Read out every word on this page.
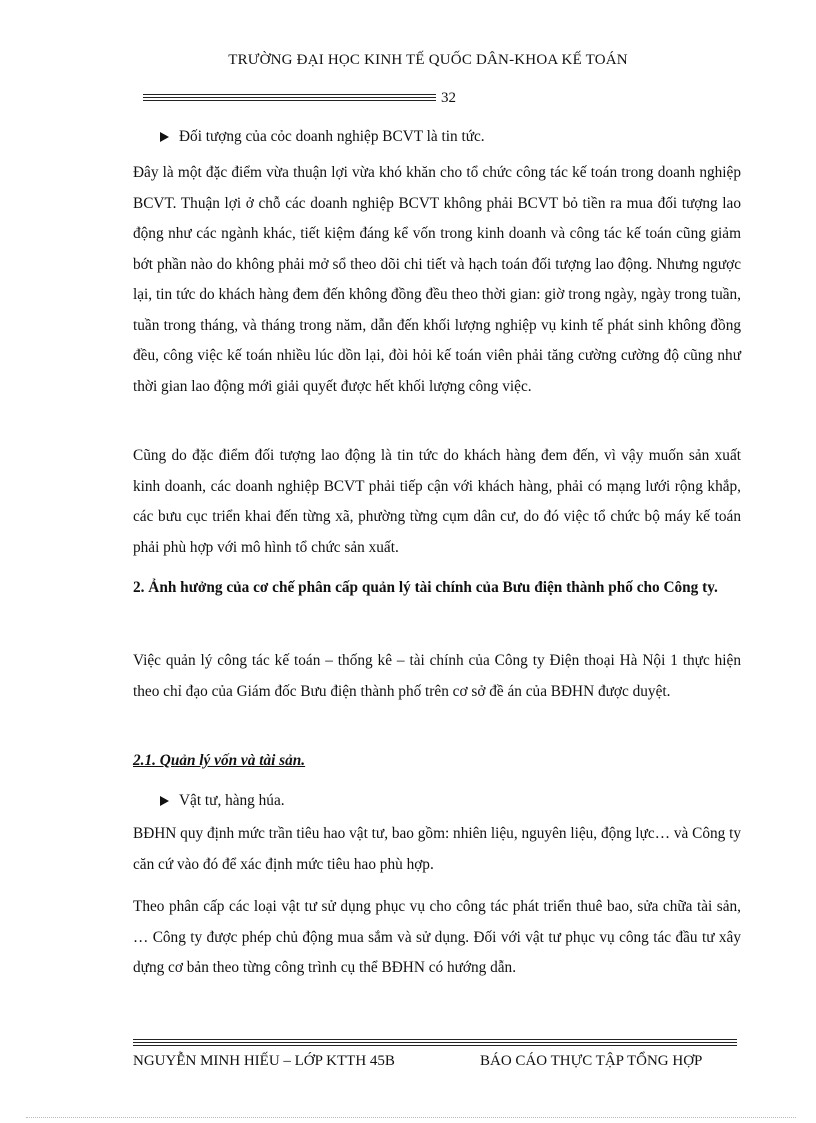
TRƯỜNG ĐẠI HỌC KINH TẾ QUỐC DÂN-KHOA KẾ TOÁN
32
Đối tượng của cỏc doanh nghiệp BCVT là tin tức.
Đây là một đặc điểm vừa thuận lợi vừa khó khăn cho tổ chức công tác kế toán trong doanh nghiệp BCVT. Thuận lợi ở chỗ các doanh nghiệp BCVT không phải BCVT bỏ tiền ra mua đối tượng lao động như các ngành khác, tiết kiệm đáng kể vốn trong kinh doanh và công tác kế toán cũng giảm bớt phần nào do không phải mở sổ theo dõi chi tiết và hạch toán đối tượng lao động. Nhưng ngược lại, tin tức do khách hàng đem đến không đồng đều theo thời gian: giờ trong ngày, ngày trong tuần, tuần trong tháng, và tháng trong năm, dẫn đến khối lượng nghiệp vụ kinh tế phát sinh không đồng đều, công việc kế toán nhiều lúc dồn lại, đòi hỏi kế toán viên phải tăng cường cường độ cũng như thời gian lao động mới giải quyết được hết khối lượng công việc.
Cũng do đặc điểm đối tượng lao động là tin tức do khách hàng đem đến, vì vậy muốn sản xuất kinh doanh, các doanh nghiệp BCVT phải tiếp cận với khách hàng, phải có mạng lưới rộng khắp, các bưu cục triển khai đến từng xã, phường từng cụm dân cư, do đó việc tổ chức bộ máy kế toán phải phù hợp với mô hình tổ chức sản xuất.
2. Ảnh hưởng của cơ chế phân cấp quản lý tài chính của Bưu điện thành phố cho Công ty.
Việc quản lý công tác kế toán – thống kê – tài chính của Công ty Điện thoại Hà Nội 1 thực hiện theo chỉ đạo của Giám đốc Bưu điện thành phố trên cơ sở đề án của BĐHN được duyệt.
2.1. Quản lý vốn và tài sản.
Vật tư, hàng húa.
BĐHN quy định mức trần tiêu hao vật tư, bao gồm: nhiên liệu, nguyên liệu, động lực… và Công ty căn cứ vào đó để xác định mức tiêu hao phù hợp.
Theo phân cấp các loại vật tư sử dụng phục vụ cho công tác phát triển thuê bao, sửa chữa tài sản, … Công ty được phép chủ động mua sắm và sử dụng. Đối với vật tư phục vụ công tác đầu tư xây dựng cơ bản theo từng công trình cụ thể BĐHN có hướng dẫn.
NGUYỄN MINH HIẾU – LỚP KTTH 45B	BÁO CÁO THỰC TẬP TỔNG HỢP
